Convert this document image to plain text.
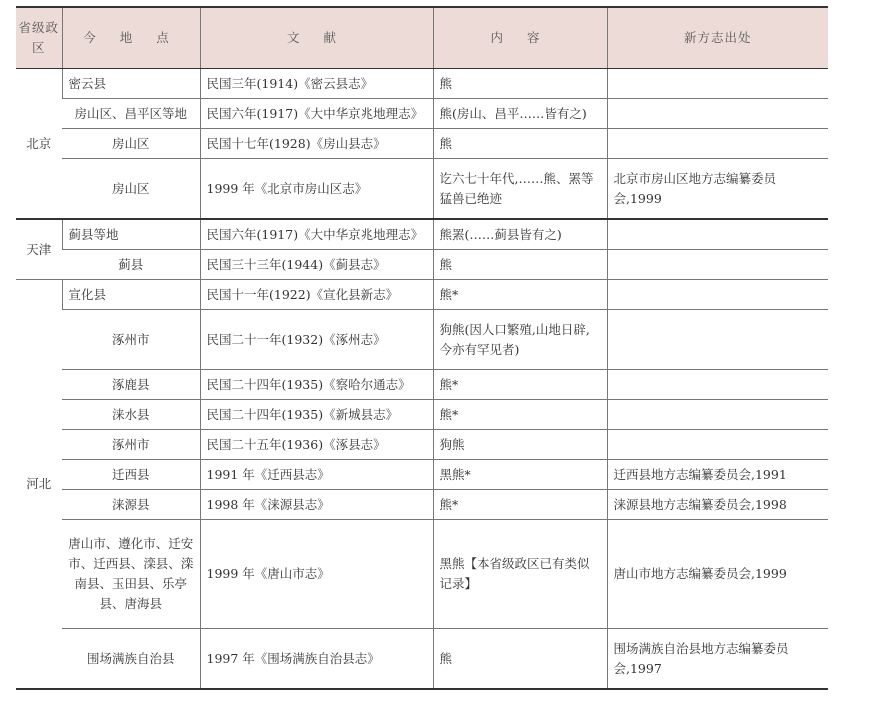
省级政区	今 地 点	文 献	内 容	新方志出处
北京	密云县	民国三年(1914)《密云县志》	熊	
	房山区、昌平区等地	民国六年(1917)《大中华京兆地理志》	熊(房山、昌平……皆有之)	
	房山区	民国十七年(1928)《房山县志》	熊	
	房山区	1999 年《北京市房山区志》	讫六七十年代,……熊、罴等猛兽已绝迹	北京市房山区地方志编纂委员会,1999
天津	蓟县等地	民国六年(1917)《大中华京兆地理志》	熊罴(……蓟县皆有之)	
	蓟县	民国三十三年(1944)《蓟县志》	熊	
河北	宣化县	民国十一年(1922)《宣化县新志》	熊*	
	涿州市	民国二十一年(1932)《涿州志》	狗熊(因人口繁殖,山地日辟,今亦有罕见者)	
	涿鹿县	民国二十四年(1935)《察哈尔通志》	熊*	
	涞水县	民国二十四年(1935)《新城县志》	熊*	
	涿州市	民国二十五年(1936)《涿县志》	狗熊	
	迁西县	1991 年《迁西县志》	黑熊*	迁西县地方志编纂委员会,1991
	涞源县	1998 年《涞源县志》	熊*	涞源县地方志编纂委员会,1998
	唐山市、遵化市、迁安市、迁西县、滦县、滦南县、玉田县、乐亭县、唐海县	1999 年《唐山市志》	黑熊【本省级政区已有类似记录】	唐山市地方志编纂委员会,1999
	围场满族自治县	1997 年《围场满族自治县志》	熊	围场满族自治县地方志编纂委员会,1997
